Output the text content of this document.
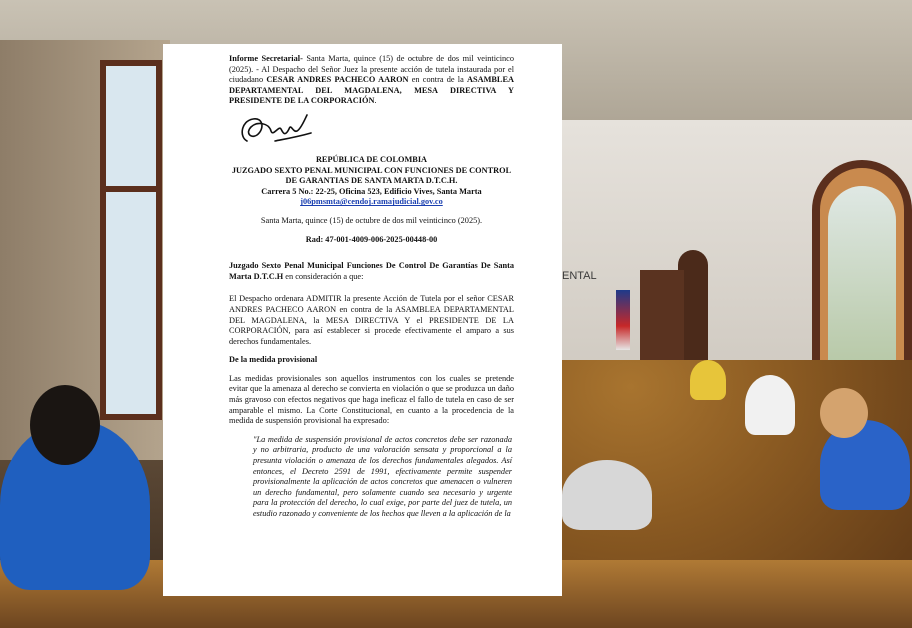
ENTAL

Informe Secretarial- Santa Marta, quince (15) de octubre de dos mil veinticinco (2025). - Al Despacho del Señor Juez la presente acción de tutela instaurada por el ciudadano CESAR ANDRES PACHECO AARON en contra de la ASAMBLEA DEPARTAMENTAL DEL MAGDALENA, MESA DIRECTIVA Y PRESIDENTE DE LA CORPORACIÓN.

REPÚBLICA DE COLOMBIA

JUZGADO SEXTO PENAL MUNICIPAL CON FUNCIONES DE CONTROL

DE GARANTIAS DE SANTA MARTA D.T.C.H.

Carrera 5 No.: 22-25, Oficina 523, Edificio Vives, Santa Marta

j06pmsmta@cendoj.ramajudicial.gov.co

Santa Marta, quince (15) de octubre de dos mil veinticinco (2025).

Rad: 47-001-4009-006-2025-00448-00

Juzgado Sexto Penal Municipal Funciones De Control De Garantías De Santa Marta D.T.C.H en consideración a que:

El Despacho ordenara ADMITIR la presente Acción de Tutela por el señor CESAR ANDRES PACHECO AARON en contra de la ASAMBLEA DEPARTAMENTAL DEL MAGDALENA, la MESA DIRECTIVA Y el PRESIDENTE DE LA CORPORACIÓN, para así establecer si procede efectivamente el amparo a sus derechos fundamentales.

De la medida provisional

Las medidas provisionales son aquellos instrumentos con los cuales se pretende evitar que la amenaza al derecho se convierta en violación o que se produzca un daño más gravoso con efectos negativos que haga ineficaz el fallo de tutela en caso de ser amparable el mismo. La Corte Constitucional, en cuanto a la procedencia de la medida de suspensión provisional ha expresado:

"La medida de suspensión provisional de actos concretos debe ser razonada y no arbitraria, producto de una valoración sensata y proporcional a la presunta violación o amenaza de los derechos fundamentales alegados. Así entonces, el Decreto 2591 de 1991, efectivamente permite suspender provisionalmente la aplicación de actos concretos que amenacen o vulneren un derecho fundamental, pero solamente cuando sea necesario y urgente para la protección del derecho, lo cual exige, por parte del juez de tutela, un estudio razonado y conveniente de los hechos que lleven a la aplicación de la
